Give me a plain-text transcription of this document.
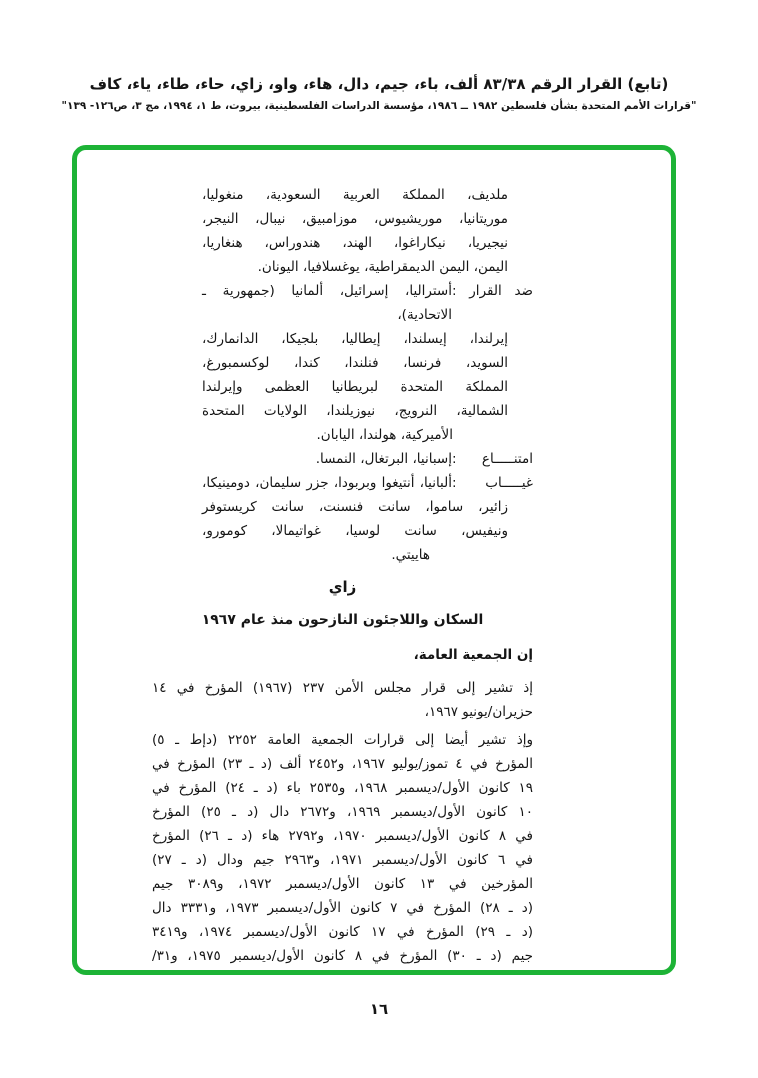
(تابع) القرار الرقم ٨٣/٣٨ ألف، باء، جيم، دال، هاء، واو، زاي، حاء، طاء، ياء، كاف
"قرارات الأمم المتحدة بشأن فلسطين ١٩٨٢ ــ ١٩٨٦، مؤسسة الدراسات الفلسطينية، بيروت، ط ١، ١٩٩٤، مج ٣، ص١٢٦- ١٣٩"
ملديف، المملكة العربية السعودية، منغوليا،
موريتانيا، موريشيوس، موزامبيق، نيبال، النيجر،
نيجيريا، نيكاراغوا، الهند، هندوراس، هنغاريا،
اليمن، اليمن الديمقراطية، يوغسلافيا، اليونان.
ضد القرار :
أستراليا، إسرائيل، ألمانيا (جمهورية ـ الاتحادية)،
إيرلندا، إيسلندا، إيطاليا، بلجيكا، الدانمارك،
السويد، فرنسا، فنلندا، كندا، لوكسمبورغ،
المملكة المتحدة لبريطانيا العظمى وإيرلندا
الشمالية، النرويج، نيوزيلندا، الولايات المتحدة
الأميركية، هولندا، اليابان.
امتنـــــاع :
إسبانيا، البرتغال، النمسا.
غيـــــاب :
ألبانيا، أنتيغوا وبربودا، جزر سليمان، دومينيكا،
زائير، ساموا، سانت فنسنت، سانت كريستوفر
ونيفيس، سانت لوسيا، غواتيمالا، كومورو،
هاييتي.
زاي
السكان واللاجئون النازحون منذ عام ١٩٦٧
إن الجمعية العامة،
إذ تشير إلى قرار مجلس الأمن ٢٣٧ (١٩٦٧) المؤرخ في ١٤
حزيران/يونيو ١٩٦٧،
وإذ تشير أيضا إلى قرارات الجمعية العامة ٢٢٥٢ (دإط ـ ٥)
المؤرخ في ٤ تموز/يوليو ١٩٦٧، و٢٤٥٢ ألف (د ـ ٢٣) المؤرخ في
١٩ كانون الأول/ديسمبر ١٩٦٨، و٢٥٣٥ باء (د ـ ٢٤) المؤرخ في
١٠ كانون الأول/ديسمبر ١٩٦٩، و٢٦٧٢ دال (د ـ ٢٥) المؤرخ
في ٨ كانون الأول/ديسمبر ١٩٧٠، و٢٧٩٢ هاء (د ـ ٢٦) المؤرخ
في ٦ كانون الأول/ديسمبر ١٩٧١، و٢٩٦٣ جيم ودال (د ـ ٢٧)
المؤرخين في ١٣ كانون الأول/ديسمبر ١٩٧٢، و٣٠٨٩ جيم
(د ـ ٢٨) المؤرخ في ٧ كانون الأول/ديسمبر ١٩٧٣، و٣٣٣١ دال
(د ـ ٢٩) المؤرخ في ١٧ كانون الأول/ديسمبر ١٩٧٤، و٣٤١٩
جيم (د ـ ٣٠) المؤرخ في ٨ كانون الأول/ديسمبر ١٩٧٥، و٣١/
١٦
